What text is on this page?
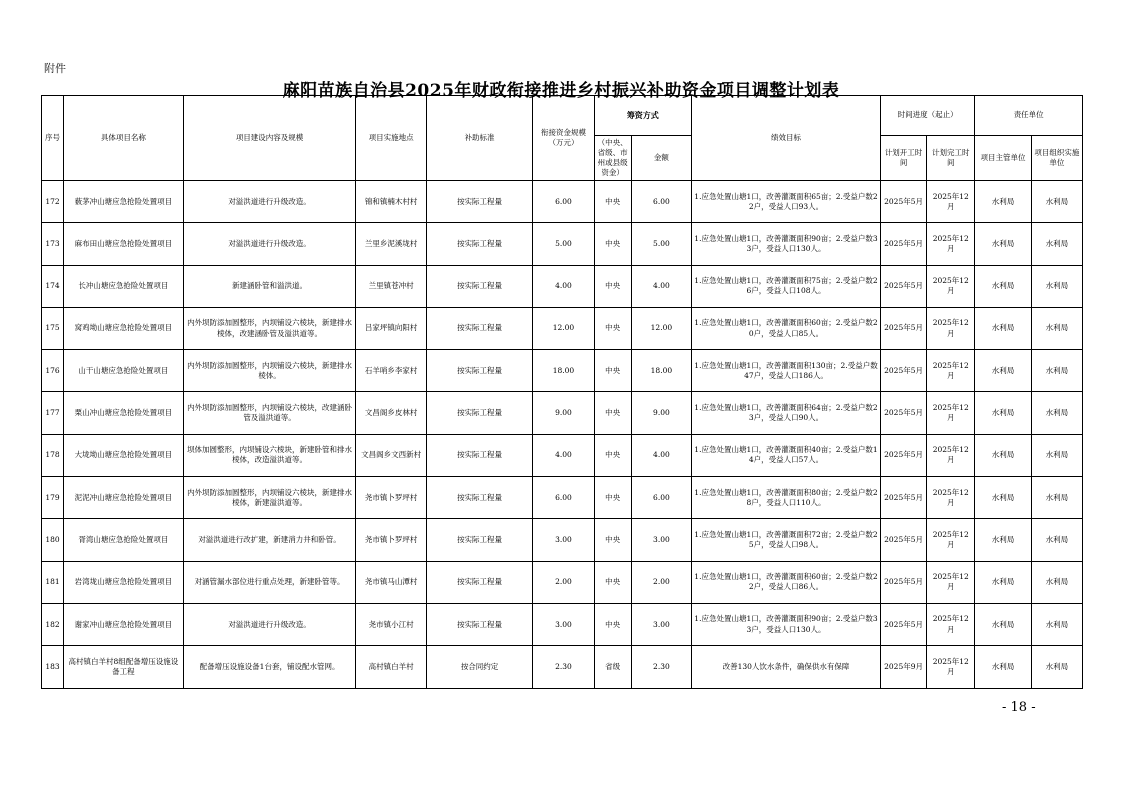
附件
麻阳苗族自治县2025年财政衔接推进乡村振兴补助资金项目调整计划表
序号	具体项目名称	项目建设内容及规模	项目实施地点	补助标准	衔接资金规模（万元）	筹资方式		绩效目标	时间进度（起止）		责任单位	
						（中央、省级、市州或县级资金）	金额		计划开工时间	计划完工时间	项目主管单位	项目组织实施单位
172	薮茅冲山塘应急抢险处置项目	对溢洪道进行升级改造。	锦和镇楠木村村	按实际工程量	6.00	中央	6.00	1.应急处置山塘1口，改善灌溉面积65亩；2.受益户数22户，受益人口93人。	2025年5月	2025年12月	水利局	水利局
173	麻布田山塘应急抢险处置项目	对溢洪道进行升级改造。	兰里乡泥溪垅村	按实际工程量	5.00	中央	5.00	1.应急处置山塘1口，改善灌溉面积90亩；2.受益户数33户，受益人口130人。	2025年5月	2025年12月	水利局	水利局
174	长冲山塘应急抢险处置项目	新建涵卧管和溢洪道。	兰里镇苍冲村	按实际工程量	4.00	中央	4.00	1.应急处置山塘1口，改善灌溉面积75亩；2.受益户数26户，受益人口108人。	2025年5月	2025年12月	水利局	水利局
175	窝鸡坳山塘应急抢险处置项目	内外坝防添加圆整形，内坝铺设六棱块，新建排水棱体，改建涵卧管及溢洪道等。	吕家坪镇向阳村	按实际工程量	12.00	中央	12.00	1.应急处置山塘1口，改善灌溉面积60亩；2.受益户数20户，受益人口85人。	2025年5月	2025年12月	水利局	水利局
176	山干山塘应急抢险处置项目	内外坝防添加圆整形，内坝铺设六棱块，新建排水棱体。	石羊哨乡李家村	按实际工程量	18.00	中央	18.00	1.应急处置山塘1口，改善灌溉面积130亩；2.受益户数47户，受益人口186人。	2025年5月	2025年12月	水利局	水利局
177	栗山冲山塘应急抢险处置项目	内外坝防添加圆整形，内坝铺设六棱块，改建涵卧管及溢洪道等。	文昌阁乡皮林村	按实际工程量	9.00	中央	9.00	1.应急处置山塘1口，改善灌溉面积64亩；2.受益户数23户，受益人口90人。	2025年5月	2025年12月	水利局	水利局
178	大垅坳山塘应急抢险处置项目	坝体加圆整形，内坝铺设六棱块，新建卧管和排水棱体，改造溢洪道等。	文昌阁乡文西新村	按实际工程量	4.00	中央	4.00	1.应急处置山塘1口，改善灌溉面积40亩；2.受益户数14户，受益人口57人。	2025年5月	2025年12月	水利局	水利局
179	泥泥冲山塘应急抢险处置项目	内外坝防添加圆整形，内坝铺设六棱块，新建排水棱体，新建溢洪道等。	尧市镇卜罗坪村	按实际工程量	6.00	中央	6.00	1.应急处置山塘1口，改善灌溉面积80亩；2.受益户数28户，受益人口110人。	2025年5月	2025年12月	水利局	水利局
180	胥湾山塘应急抢险处置项目	对溢洪道进行改扩建，新建消力井和卧管。	尧市镇卜罗坪村	按实际工程量	3.00	中央	3.00	1.应急处置山塘1口，改善灌溉面积72亩；2.受益户数25户，受益人口98人。	2025年5月	2025年12月	水利局	水利局
181	岩湾垅山塘应急抢险处置项目	对涵管漏水部位进行重点处理，新建卧管等。	尧市镇马山潭村	按实际工程量	2.00	中央	2.00	1.应急处置山塘1口，改善灌溉面积60亩；2.受益户数22户，受益人口86人。	2025年5月	2025年12月	水利局	水利局
182	谢家冲山塘应急抢险处置项目	对溢洪道进行升级改造。	尧市镇小江村	按实际工程量	3.00	中央	3.00	1.应急处置山塘1口，改善灌溉面积90亩；2.受益户数33户，受益人口130人。	2025年5月	2025年12月	水利局	水利局
183	高村镇白羊村8组配备增压设施设备工程	配备增压设施设备1台套，铺设配水管网。	高村镇白羊村	按合同约定	2.30	省级	2.30	改善130人饮水条件，确保供水有保障	2025年9月	2025年12月	水利局	水利局
- 18 -
